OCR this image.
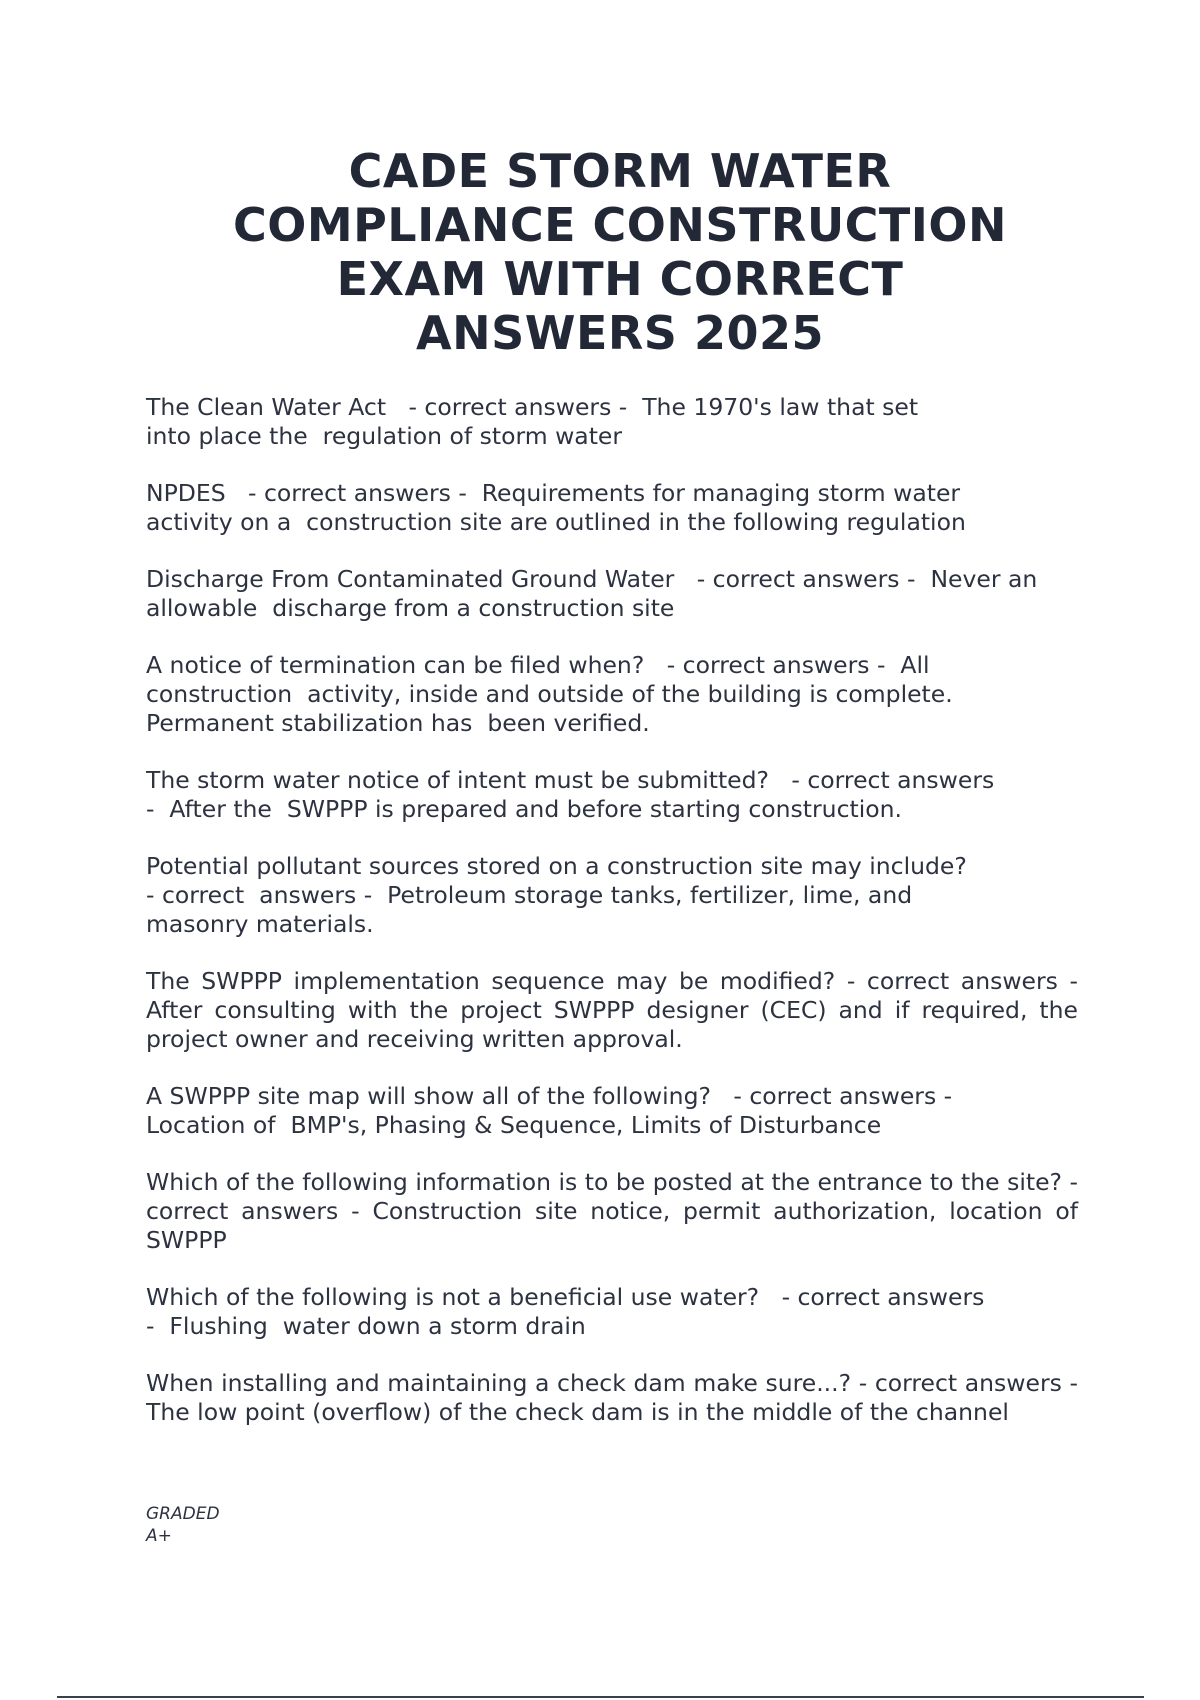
CADE STORM WATER COMPLIANCE CONSTRUCTION EXAM WITH CORRECT ANSWERS 2025

The Clean Water Act   - correct answers -  The 1970's law that set
into place the  regulation of storm water

NPDES   - correct answers -  Requirements for managing storm water
activity on a  construction site are outlined in the following regulation

Discharge From Contaminated Ground Water   - correct answers -  Never an
allowable  discharge from a construction site

A notice of termination can be filed when?   - correct answers -  All
construction  activity, inside and outside of the building is complete.
Permanent stabilization has  been verified.

The storm water notice of intent must be submitted?   - correct answers
-  After the  SWPPP is prepared and before starting construction.

Potential pollutant sources stored on a construction site may include?
- correct  answers -  Petroleum storage tanks, fertilizer, lime, and
masonry materials.

The SWPPP implementation sequence may be modified? - correct answers - After consulting with the project SWPPP designer (CEC) and if required, the project owner and receiving written approval.

A SWPPP site map will show all of the following?   - correct answers -
Location of  BMP's, Phasing & Sequence, Limits of Disturbance

Which of the following information is to be posted at the entrance to the site? - correct answers - Construction site notice, permit authorization, location of SWPPP

Which of the following is not a beneficial use water?   - correct answers
-  Flushing  water down a storm drain

When installing and maintaining a check dam make sure...? - correct answers - The low point (overflow) of the check dam is in the middle of the channel

GRADED
A+
